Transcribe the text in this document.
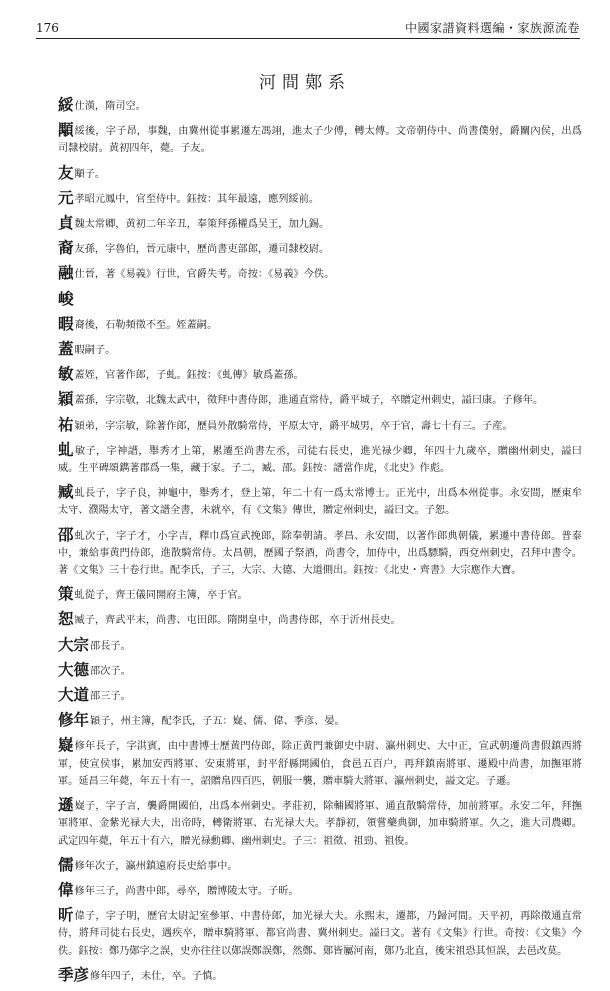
176	中國家譜資料選編・家族源流卷
河間鄚系

綏仕漢，隋司空。

顒綏後，字子昂，事魏，由冀州從事累遷左馮翊，進太子少傅，轉太傅。文帝朝侍中、尚書僕射，爵關內侯，出爲司隸校尉。黄初四年，薨。子友。

友顒子。

元孝昭元鳳中，官至侍中。鈺按：其年最遠，應列綏前。

貞魏太常卿，黄初二年辛丑，奉策拜孫權爲吴王，加九錫。

裔友孫，字魯伯，晉元康中，歷尚書吏部郎，遷司隸校尉。

融仕晉，著《易義》行世，官爵失考。奇按：《易義》今佚。

峻

暇裔後，石勒頻徵不至。姪蓋嗣。

蓋暇嗣子。

敏蓋姪，官著作郎，子虬。鈺按：《虬傳》敏爲蓋孫。

穎蓋孫，字宗敬，北魏太武中，徵拜中書侍郎，進通直常侍，爵平城子，卒贈定州刺史，謚曰康。子修年。

祐穎弟，字宗敏，除著作郎，歷員外散騎常侍，平原太守，爵平城男，卒于官，壽七十有三。子産。

虬敏子，字神譜，舉秀才上第，累遷至尚書左丞，司徒右長史，進光禄少卿，年四十九歲卒，贈幽州刺史，謚曰威。生平碑頌鐫著郡爲一集，藏于家。子二，臧、邵。鈺按：譜當作虎，《北史》作彪。

臧虬長子，字子良，神龜中，舉秀才，登上第，年二十有一爲太常博士。正光中，出爲本州從事。永安間，歷東牟太守、濮陽太守，著文譜全書，未就卒，有《文集》傳世，贈定州刺史，謚曰文。子恕。

邵虬次子，字子才，小字吉，釋巾爲宣武挽郎，除奉朝請。孝昌、永安間，以著作郎典朝儀，累遷中書侍郎。普泰中，兼給事黄門侍郎，進散騎常侍。太昌朝，歷國子祭酒，尚書令，加侍中，出爲驃騎，西兗州刺史，召拜中書令。著《文集》三十卷行世。配李氏，子三，大宗、大德、大道側出。鈺按：《北史・齊書》大宗應作大寶。

策虬從子，齊王儀同開府主簿，卒于官。

恕臧子，齊武平末，尚書、屯田郎。隋開皇中，尚書侍郎，卒于沂州長史。

大宗邵長子。

大德邵次子。

大道邵三子。

修年穎子，州主簿，配李氏，子五：嶷、儒、偉、季彦、晏。

嶷修年長子，字洪賓，由中書博士歷黄門侍郎，除正黄門兼御史中尉、瀛州刺史、大中正，宣武朝遷尚書假鎮西將軍，使宣侯事，累加安西將軍、安東將軍，封平舒縣開國伯，食邑五百户，再拜鎮南將軍、遷殿中尚書，加撫軍將軍。延昌三年薨，年五十有一，詔贈帛四百匹，朝服一襲，贈車騎大將軍、瀛州刺史，謚文定。子遜。

遜嶷子，字子言，襲爵開國伯，出爲本州刺史。孝莊初，除輔國將軍、通直散騎常侍，加前將軍。永安二年，拜撫軍將軍、金紫光禄大夫，出帝時，轉衛將軍、右光禄大夫。孝靜初，領嘗藥典御，加車騎將軍。久之，進大司農卿。武定四年薨，年五十有六，贈光禄勳卿、幽州刺史。子三：祖徵、祖勁、祖俊。

儒修年次子，瀛州鎮遠府長史給事中。

偉修年三子，尚書中郎，尋卒，贈博陵太守。子昕。

昕偉子，字子明，歷官太尉記室參軍、中書侍郎，加光禄大夫。永熙末，遷都，乃歸河間。天平初，再除徵通直常侍，將拜司徒右長史，遇疾卒，贈車騎將軍、都官尚書、冀州刺史。謚曰文。著有《文集》行世。奇按：《文集》今佚。鈺按：鄭乃鄚字之誤，史亦往往以鄚誤鄭誤鄭，然鄭、鄚皆屬河南，鄚乃北直，後宋祖恐其恒誤，去邑改莫。

季彦修年四子，未仕，卒。子慎。
